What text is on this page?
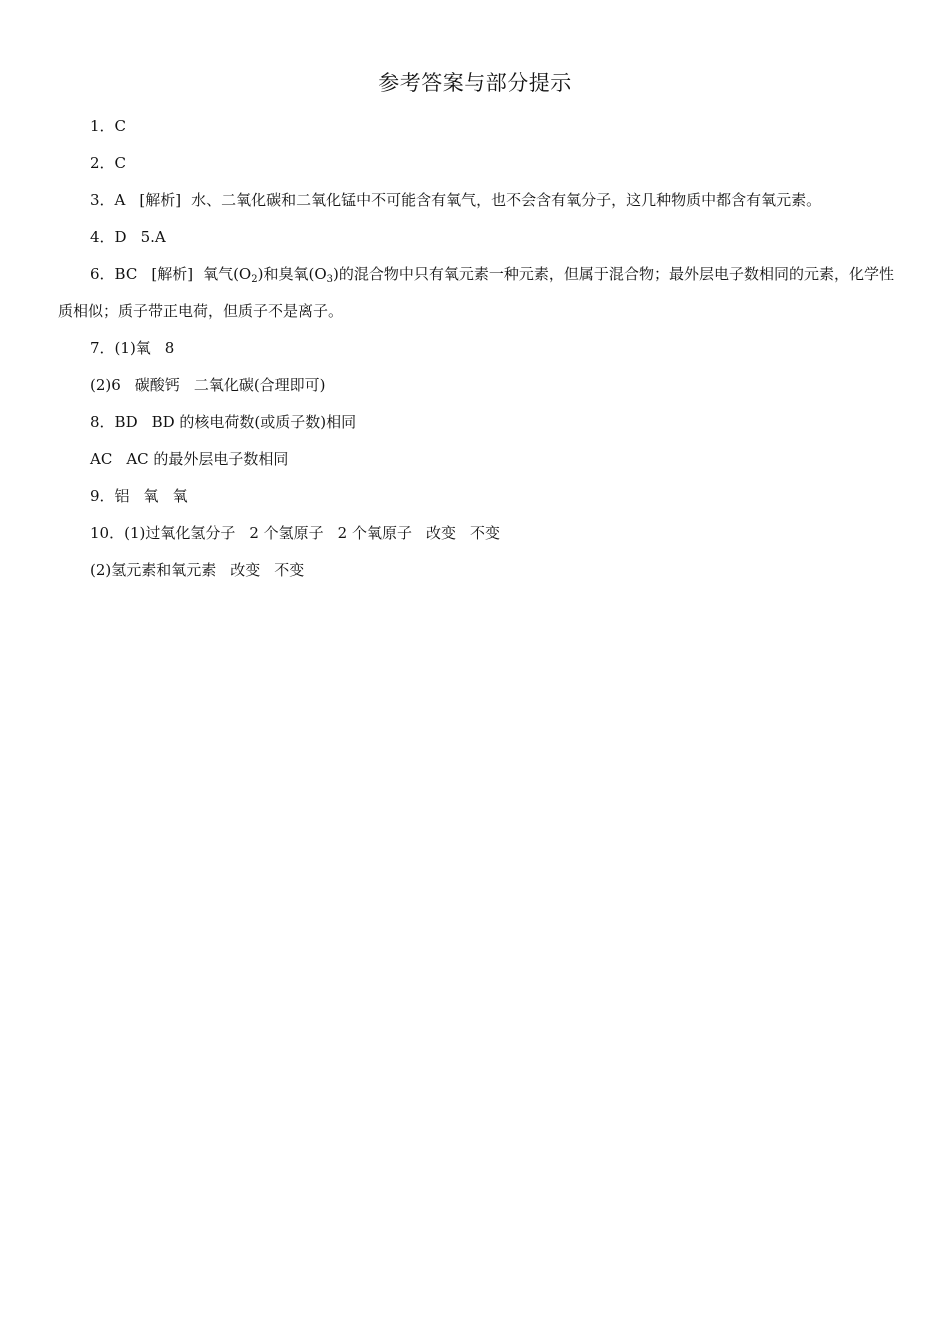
参考答案与部分提示
1．C
2．C
3．A [解析] 水、二氧化碳和二氧化锰中不可能含有氧气，也不会含有氧分子，这几种物质中都含有氧元素。
4．D 5.A
6．BC [解析] 氧气$(O_2)$和臭氧$(O_3)$的混合物中只有氧元素一种元素，但属于混合物；最外层电子数相同的元素，化学性质相似；质子带正电荷，但质子不是离子。
7．(1)氧 8
(2)6 碳酸钙 二氧化碳(合理即可)
8．BD BD 的核电荷数(或质子数)相同
AC AC 的最外层电子数相同
9．铝 氧 氧
10．(1)过氧化氢分子 2 个氢原子 2 个氧原子 改变 不变
(2)氢元素和氧元素 改变 不变
